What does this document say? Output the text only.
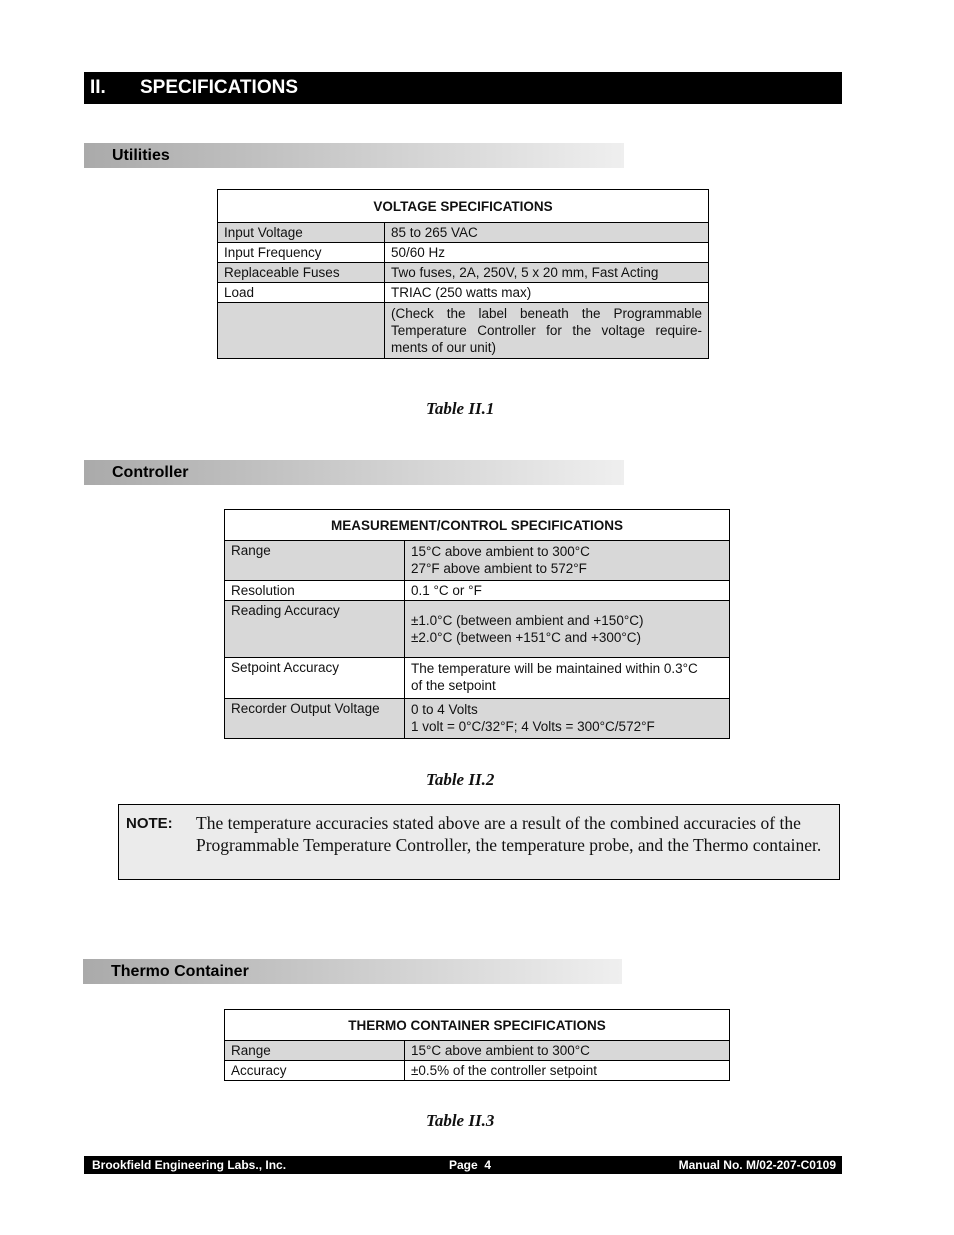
II. SPECIFICATIONS
Utilities
VOLTAGE SPECIFICATIONS	
Input Voltage	85 to 265 VAC
Input Frequency	50/60 Hz
Replaceable Fuses	Two fuses, 2A, 250V, 5 x 20 mm, Fast Acting
Load	TRIAC (250 watts max)
	(Check the label beneath the Programmable Temperature Controller for the voltage require-ments of our unit)
Table II.1
Controller
MEASUREMENT/CONTROL SPECIFICATIONS	
Range	15°C above ambient to 300°C
27°F above ambient to 572°F

Resolution	0.1 °C or °F

Reading Accuracy	±1.0°C (between ambient and +150°C)
±2.0°C (between +151°C and +300°C)

Setpoint Accuracy	The temperature will be maintained within 0.3°C
of the setpoint

Recorder Output Voltage	0 to 4 Volts
1 volt = 0°C/32°F; 4 Volts = 300°C/572°F
Table II.2
NOTE: The temperature accuracies stated above are a result of the combined accuracies of the Programmable Temperature Controller, the temperature probe, and the Thermo container.
Thermo Container
THERMO CONTAINER SPECIFICATIONS	
Range	15°C above ambient to 300°C
Accuracy	±0.5% of the controller setpoint
Table II.3
Brookfield Engineering Labs., Inc.	Page  4	Manual No. M/02-207-C0109
